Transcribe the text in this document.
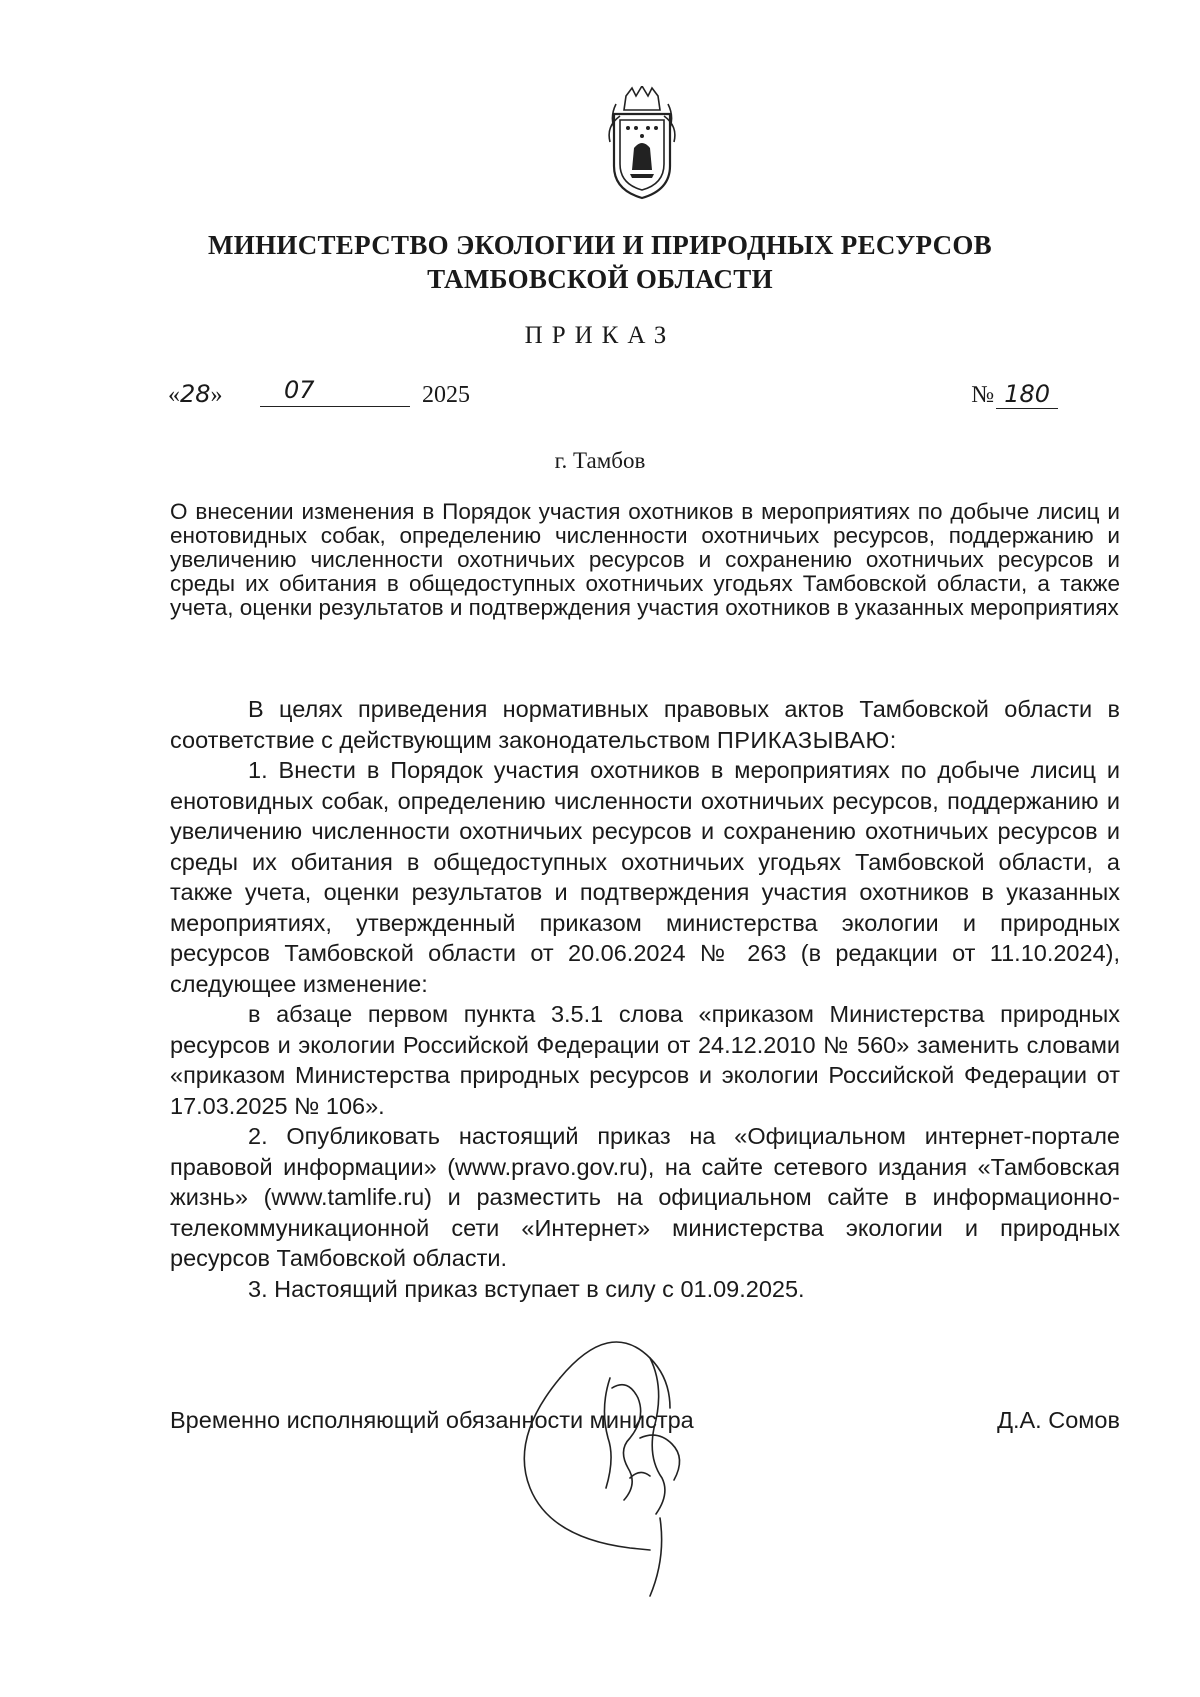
МИНИСТЕРСТВО ЭКОЛОГИИ И ПРИРОДНЫХ РЕСУРСОВ
ТАМБОВСКОЙ ОБЛАСТИ
ПРИКАЗ
«28»	07	2025	№ 180
г. Тамбов
О внесении изменения в Порядок участия охотников в мероприятиях по добыче лисиц и енотовидных собак, определению численности охотничьих ресурсов, поддержанию и увеличению численности охотничьих ресурсов и сохранению охотничьих ресурсов и среды их обитания в общедоступных охотничьих угодьях Тамбовской области, а также учета, оценки результатов и подтверждения участия охотников в указанных мероприятиях

В целях приведения нормативных правовых актов Тамбовской области в соответствие с действующим законодательством ПРИКАЗЫВАЮ:

1. Внести в Порядок участия охотников в мероприятиях по добыче лисиц и енотовидных собак, определению численности охотничьих ресурсов, поддержанию и увеличению численности охотничьих ресурсов и сохранению охотничьих ресурсов и среды их обитания в общедоступных охотничьих угодьях Тамбовской области, а также учета, оценки результатов и подтверждения участия охотников в указанных мероприятиях, утвержденный приказом министерства экологии и природных ресурсов Тамбовской области от 20.06.2024 № 263 (в редакции от 11.10.2024), следующее изменение:

в абзаце первом пункта 3.5.1 слова «приказом Министерства природных ресурсов и экологии Российской Федерации от 24.12.2010 № 560» заменить словами «приказом Министерства природных ресурсов и экологии Российской Федерации от 17.03.2025 № 106».

2. Опубликовать настоящий приказ на «Официальном интернет-портале правовой информации» (www.pravo.gov.ru), на сайте сетевого издания «Тамбовская жизнь» (www.tamlife.ru) и разместить на официальном сайте в информационно-телекоммуникационной сети «Интернет» министерства экологии и природных ресурсов Тамбовской области.

3. Настоящий приказ вступает в силу с 01.09.2025.

Временно исполняющий обязанности министра	Д.А. Сомов
